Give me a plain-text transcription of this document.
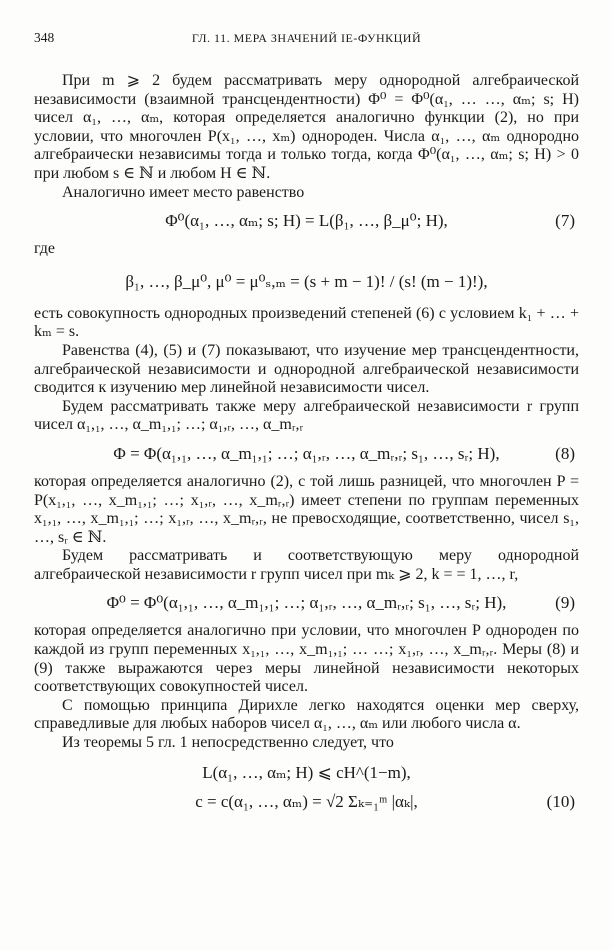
348	ГЛ. 11. МЕРА ЗНАЧЕНИЙ IE-ФУНКЦИЙ

При m ⩾ 2 будем рассматривать меру однородной алгебраической независимости (взаимной трансцендентности) Φ⁰ = Φ⁰(α₁, … …, αₘ; s; H) чисел α₁, …, αₘ, которая определяется аналогично функции (2), но при условии, что многочлен P(x₁, …, xₘ) однороден. Числа α₁, …, αₘ однородно алгебраически независимы тогда и только тогда, когда Φ⁰(α₁, …, αₘ; s; H) > 0 при любом s ∈ ℕ и любом H ∈ ℕ.

Аналогично имеет место равенство

Φ⁰(α₁, …, αₘ; s; H) = L(β₁, …, β_μ⁰; H),	(7)

где

β₁, …, β_μ⁰, μ⁰ = μ⁰ₛ,ₘ = (s + m − 1)! / (s! (m − 1)!),

есть совокупность однородных произведений степеней (6) с условием k₁ + … + kₘ = s.

Равенства (4), (5) и (7) показывают, что изучение мер трансцендентности, алгебраической независимости и однородной алгебраической независимости сводится к изучению мер линейной независимости чисел.

Будем рассматривать также меру алгебраической независимости r групп чисел α₁,₁, …, α_m₁,₁; …; α₁,ᵣ, …, α_mᵣ,ᵣ

Φ = Φ(α₁,₁, …, α_m₁,₁; …; α₁,ᵣ, …, α_mᵣ,ᵣ; s₁, …, sᵣ; H),	(8)

которая определяется аналогично (2), с той лишь разницей, что многочлен P = P(x₁,₁, …, x_m₁,₁; …; x₁,ᵣ, …, x_mᵣ,ᵣ) имеет степени по группам переменных x₁,₁, …, x_m₁,₁; …; x₁,ᵣ, …, x_mᵣ,ᵣ, не превосходящие, соответственно, чисел s₁, …, sᵣ ∈ ℕ.

Будем рассматривать и соответствующую меру однородной алгебраической независимости r групп чисел при mₖ ⩾ 2, k = = 1, …, r,

Φ⁰ = Φ⁰(α₁,₁, …, α_m₁,₁; …; α₁,ᵣ, …, α_mᵣ,ᵣ; s₁, …, sᵣ; H),	(9)

которая определяется аналогично при условии, что многочлен P однороден по каждой из групп переменных x₁,₁, …, x_m₁,₁; … …; x₁,ᵣ, …, x_mᵣ,ᵣ. Меры (8) и (9) также выражаются через меры линейной независимости некоторых соответствующих совокупностей чисел.

С помощью принципа Дирихле легко находятся оценки мер сверху, справедливые для любых наборов чисел α₁, …, αₘ или любого числа α.

Из теоремы 5 гл. 1 непосредственно следует, что

L(α₁, …, αₘ; H) ⩽ cH^(1−m),
c = c(α₁, …, αₘ) = √2 Σₖ₌₁ᵐ |αₖ|,	(10)
